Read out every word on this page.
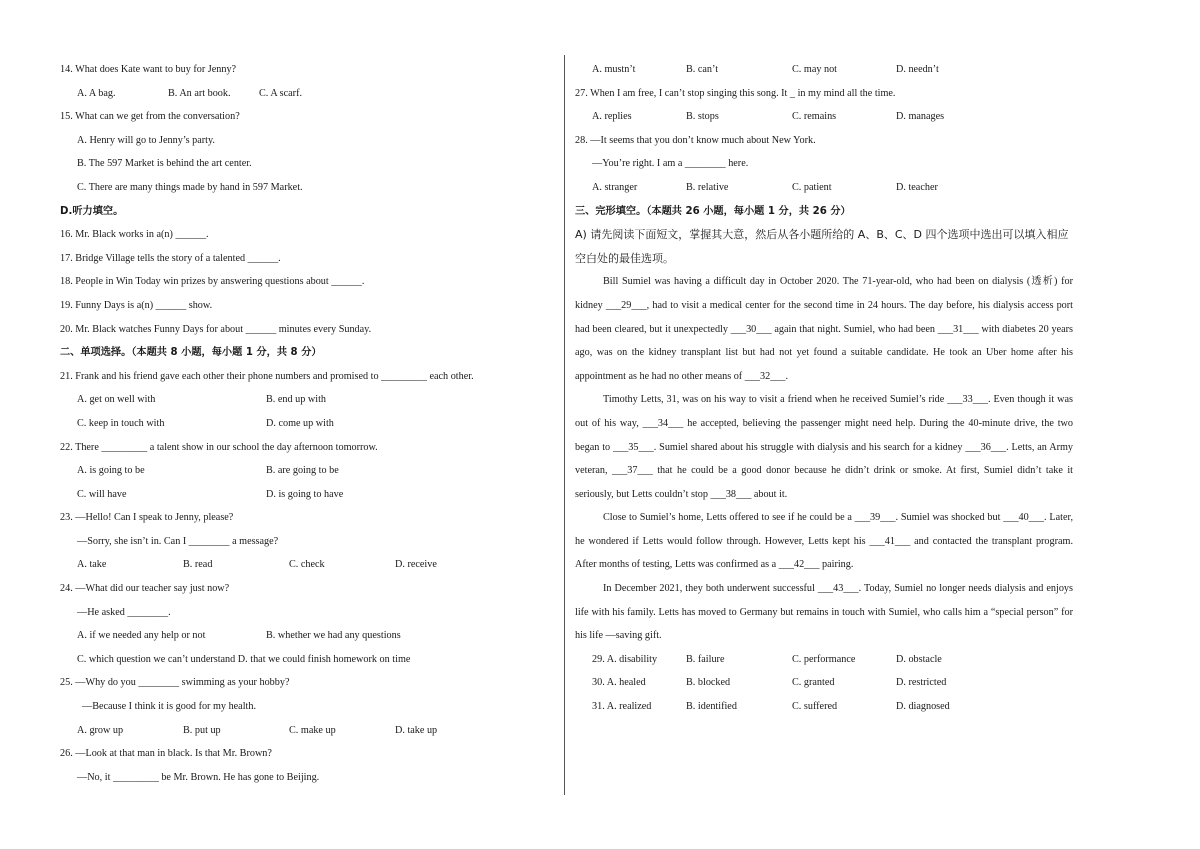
14. What does Kate want to buy for Jenny?
A. A bag.	B. An art book.	C. A scarf.
15. What can we get from the conversation?
A. Henry will go to Jenny’s party.
B. The 597 Market is behind the art center.
C. There are many things made by hand in 597 Market.
D.听力填空。
16. Mr. Black works in a(n) ______.
17. Bridge Village tells the story of a talented ______.
18. People in Win Today win prizes by answering questions about ______.
19. Funny Days is a(n) ______ show.
20. Mr. Black watches Funny Days for about ______ minutes every Sunday.
二、单项选择。（本题共 8 小题，每小题 1 分，共 8 分）
21. Frank and his friend gave each other their phone numbers and promised to _________ each other.
A. get on well with	B. end up with
C. keep in touch with	D. come up with
22. There _________ a talent show in our school the day afternoon tomorrow.
A. is going to be	B. are going to be
C. will have	D. is going to have
23. —Hello! Can I speak to Jenny, please?
—Sorry, she isn’t in. Can I ________ a message?
A. take	B. read	C. check	D. receive
24. —What did our teacher say just now?
—He asked ________.
A. if we needed any help or not	B. whether we had any questions
C. which question we can’t understand D. that we could finish homework on time
25. —Why do you ________ swimming as your hobby?
—Because I think it is good for my health.
A. grow up	B. put up	C. make up	D. take up
26. —Look at that man in black. Is that Mr. Brown?
—No, it _________ be Mr. Brown. He has gone to Beijing.
A. mustn’t	B. can’t	C. may not	D. needn’t
27. When I am free, I can’t stop singing this song. It _ in my mind all the time.
A. replies	B. stops	C. remains	D. manages
28. —It seems that you don’t know much about New York.
—You’re right. I am a ________ here.
A. stranger	B. relative	C. patient	D. teacher
三、完形填空。（本题共 26 小题，每小题 1 分，共 26 分）
A) 请先阅读下面短文，掌握其大意，然后从各小题所给的 A、B、C、D 四个选项中选出可以填入相应空白处的最佳选项。
Bill Sumiel was having a difficult day in October 2020. The 71-year-old, who had been on dialysis (透析) for kidney ___29___, had to visit a medical center for the second time in 24 hours. The day before, his dialysis access port had been cleared, but it unexpectedly ___30___ again that night. Sumiel, who had been ___31___ with diabetes 20 years ago, was on the kidney transplant list but had not yet found a suitable candidate. He took an Uber home after his appointment as he had no other means of ___32___.
Timothy Letts, 31, was on his way to visit a friend when he received Sumiel’s ride ___33___. Even though it was out of his way, ___34___ he accepted, believing the passenger might need help. During the 40-minute drive, the two began to ___35___. Sumiel shared about his struggle with dialysis and his search for a kidney ___36___. Letts, an Army veteran, ___37___ that he could be a good donor because he didn’t drink or smoke. At first, Sumiel didn’t take it seriously, but Letts couldn’t stop ___38___ about it.
Close to Sumiel’s home, Letts offered to see if he could be a ___39___. Sumiel was shocked but ___40___. Later, he wondered if Letts would follow through. However, Letts kept his ___41___ and contacted the transplant program. After months of testing, Letts was confirmed as a ___42___ pairing.
In December 2021, they both underwent successful ___43___. Today, Sumiel no longer needs dialysis and enjoys life with his family. Letts has moved to Germany but remains in touch with Sumiel, who calls him a “special person” for his life —saving gift.
29. A. disability	B. failure	C. performance	D. obstacle
30. A. healed	B. blocked	C. granted	D. restricted
31. A. realized	B. identified	C. suffered	D. diagnosed
